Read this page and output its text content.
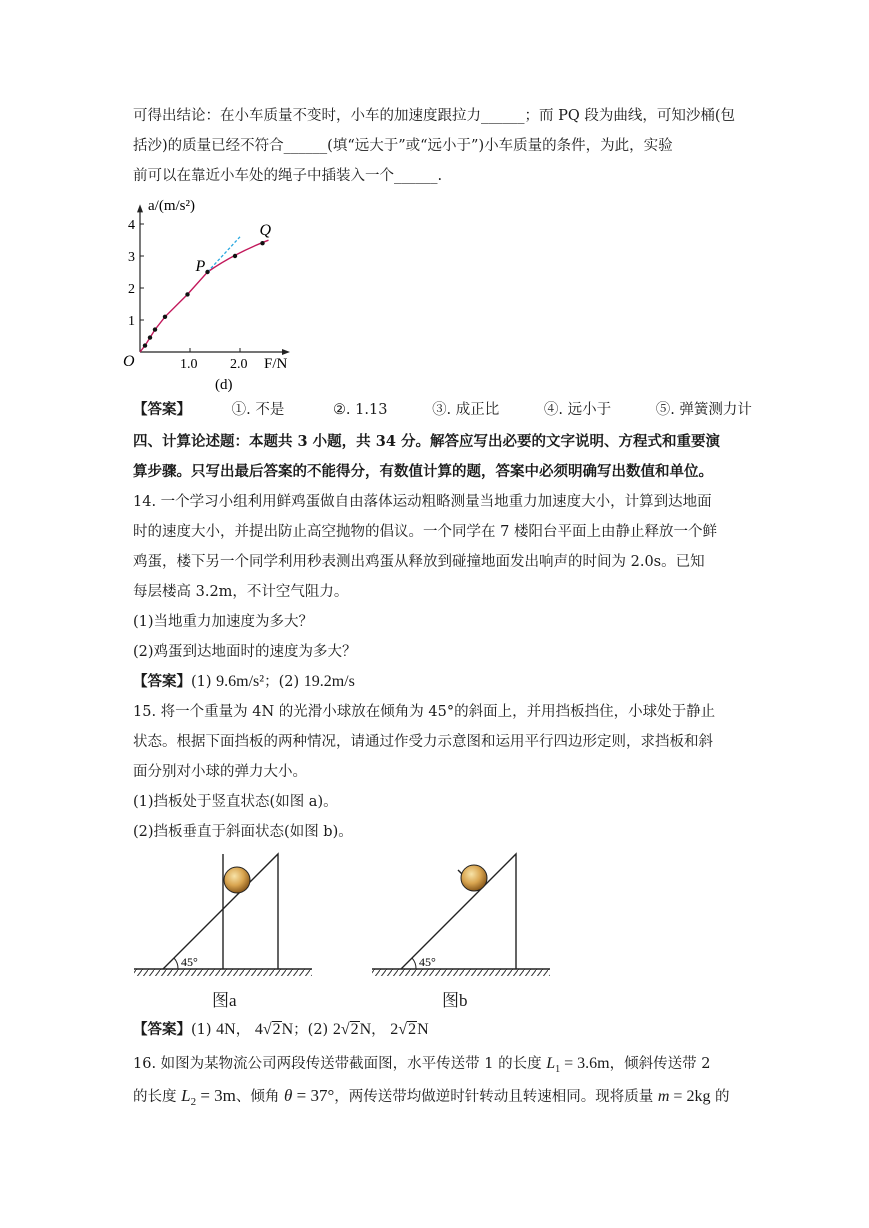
可得出结论：在小车质量不变时，小车的加速度跟拉力______；而 PQ 段为曲线，可知沙桶(包
括沙)的质量已经不符合______(填“远大于”或“远小于”)小车质量的条件，为此，实验
前可以在靠近小车处的绳子中插装入一个______.
1
2
3
4
1.0 2.0
O
a/(m/s²)
F/N
P
Q
(d)
【答案】	①. 不是	②. 1.13	③. 成正比	④. 远小于	⑤. 弹簧测力计
四、计算论述题：本题共 3 小题，共 34 分。解答应写出必要的文字说明、方程式和重要演
算步骤。只写出最后答案的不能得分，有数值计算的题，答案中必须明确写出数值和单位。
14. 一个学习小组利用鲜鸡蛋做自由落体运动粗略测量当地重力加速度大小，计算到达地面
时的速度大小，并提出防止高空抛物的倡议。一个同学在 7 楼阳台平面上由静止释放一个鲜
鸡蛋，楼下另一个同学利用秒表测出鸡蛋从释放到碰撞地面发出响声的时间为 2.0s。已知
每层楼高 3.2m，不计空气阻力。
(1)当地重力加速度为多大？
(2)鸡蛋到达地面时的速度为多大？
【答案】(1) 9.6m/s²；(2) 19.2m/s
15. 将一个重量为 4N 的光滑小球放在倾角为 45°的斜面上，并用挡板挡住，小球处于静止
状态。根据下面挡板的两种情况，请通过作受力示意图和运用平行四边形定则，求挡板和斜
面分别对小球的弹力大小。
(1)挡板处于竖直状态(如图 a)。
(2)挡板垂直于斜面状态(如图 b)。
45°
图a
45°
图b
【答案】(1) 4N， 4√2N；(2) 2√2N， 2√2N
16. 如图为某物流公司两段传送带截面图，水平传送带 1 的长度 $L_1 = 3.6m$，倾斜传送带 2
的长度 $L_2 = 3m$、倾角 θ = 37°，两传送带均做逆时针转动且转速相同。现将质量 m = 2kg 的
